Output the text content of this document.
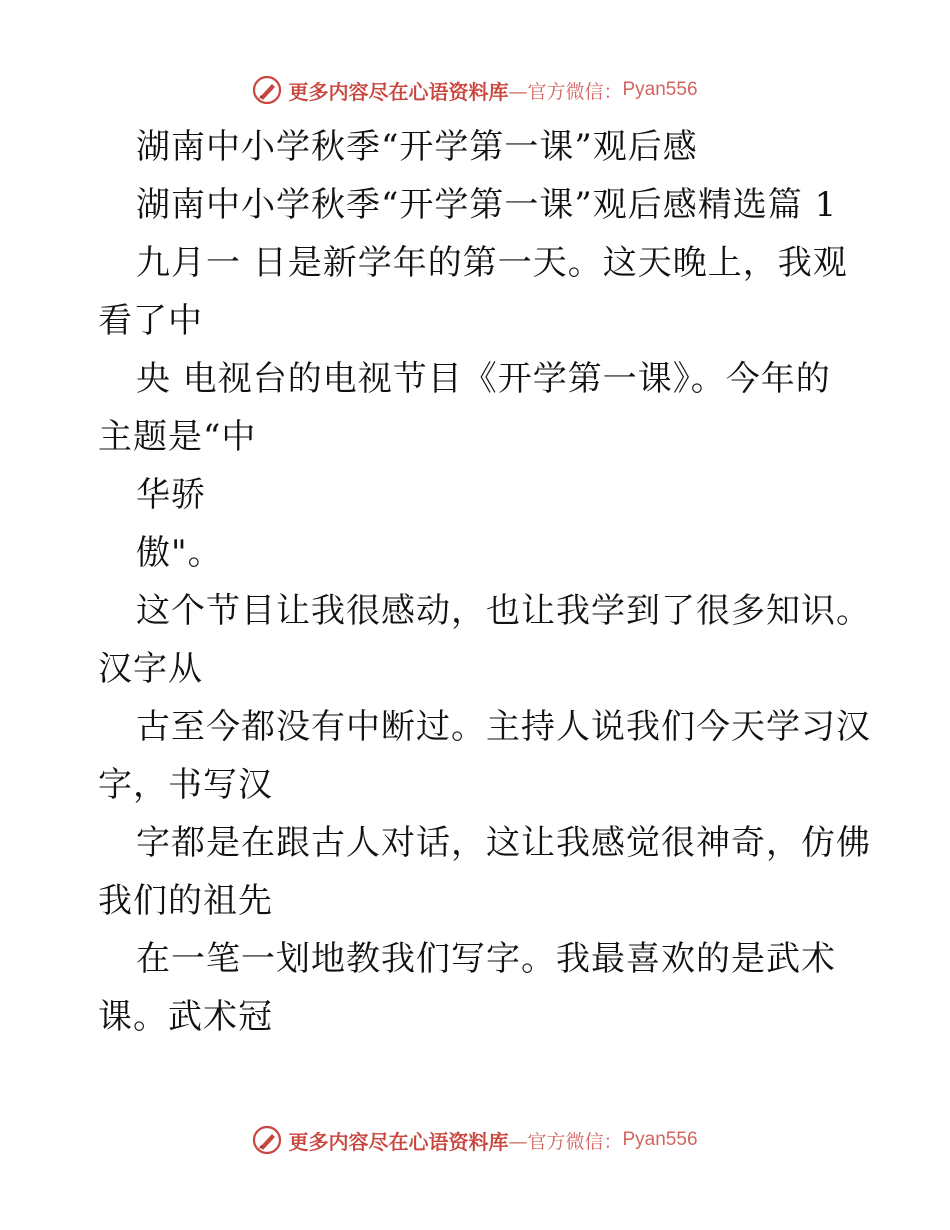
更多内容尽在心语资料库 —官方微信： Pyan556
湖南中小学秋季“开学第一课”观后感
湖南中小学秋季“开学第一课”观后感精选篇 1
九月一 日是新学年的第一天。这天晚上，我观
看了中
央 电视台的电视节目《开学第一课》。今年的
主题是“中
华骄
傲"。
这个节目让我很感动，也让我学到了很多知识。
汉字从
古至今都没有中断过。主持人说我们今天学习汉
字，书写汉
字都是在跟古人对话，这让我感觉很神奇，仿佛
我们的祖先
在一笔一划地教我们写字。我最喜欢的是武术
课。武术冠
更多内容尽在心语资料库 —官方微信： Pyan556
